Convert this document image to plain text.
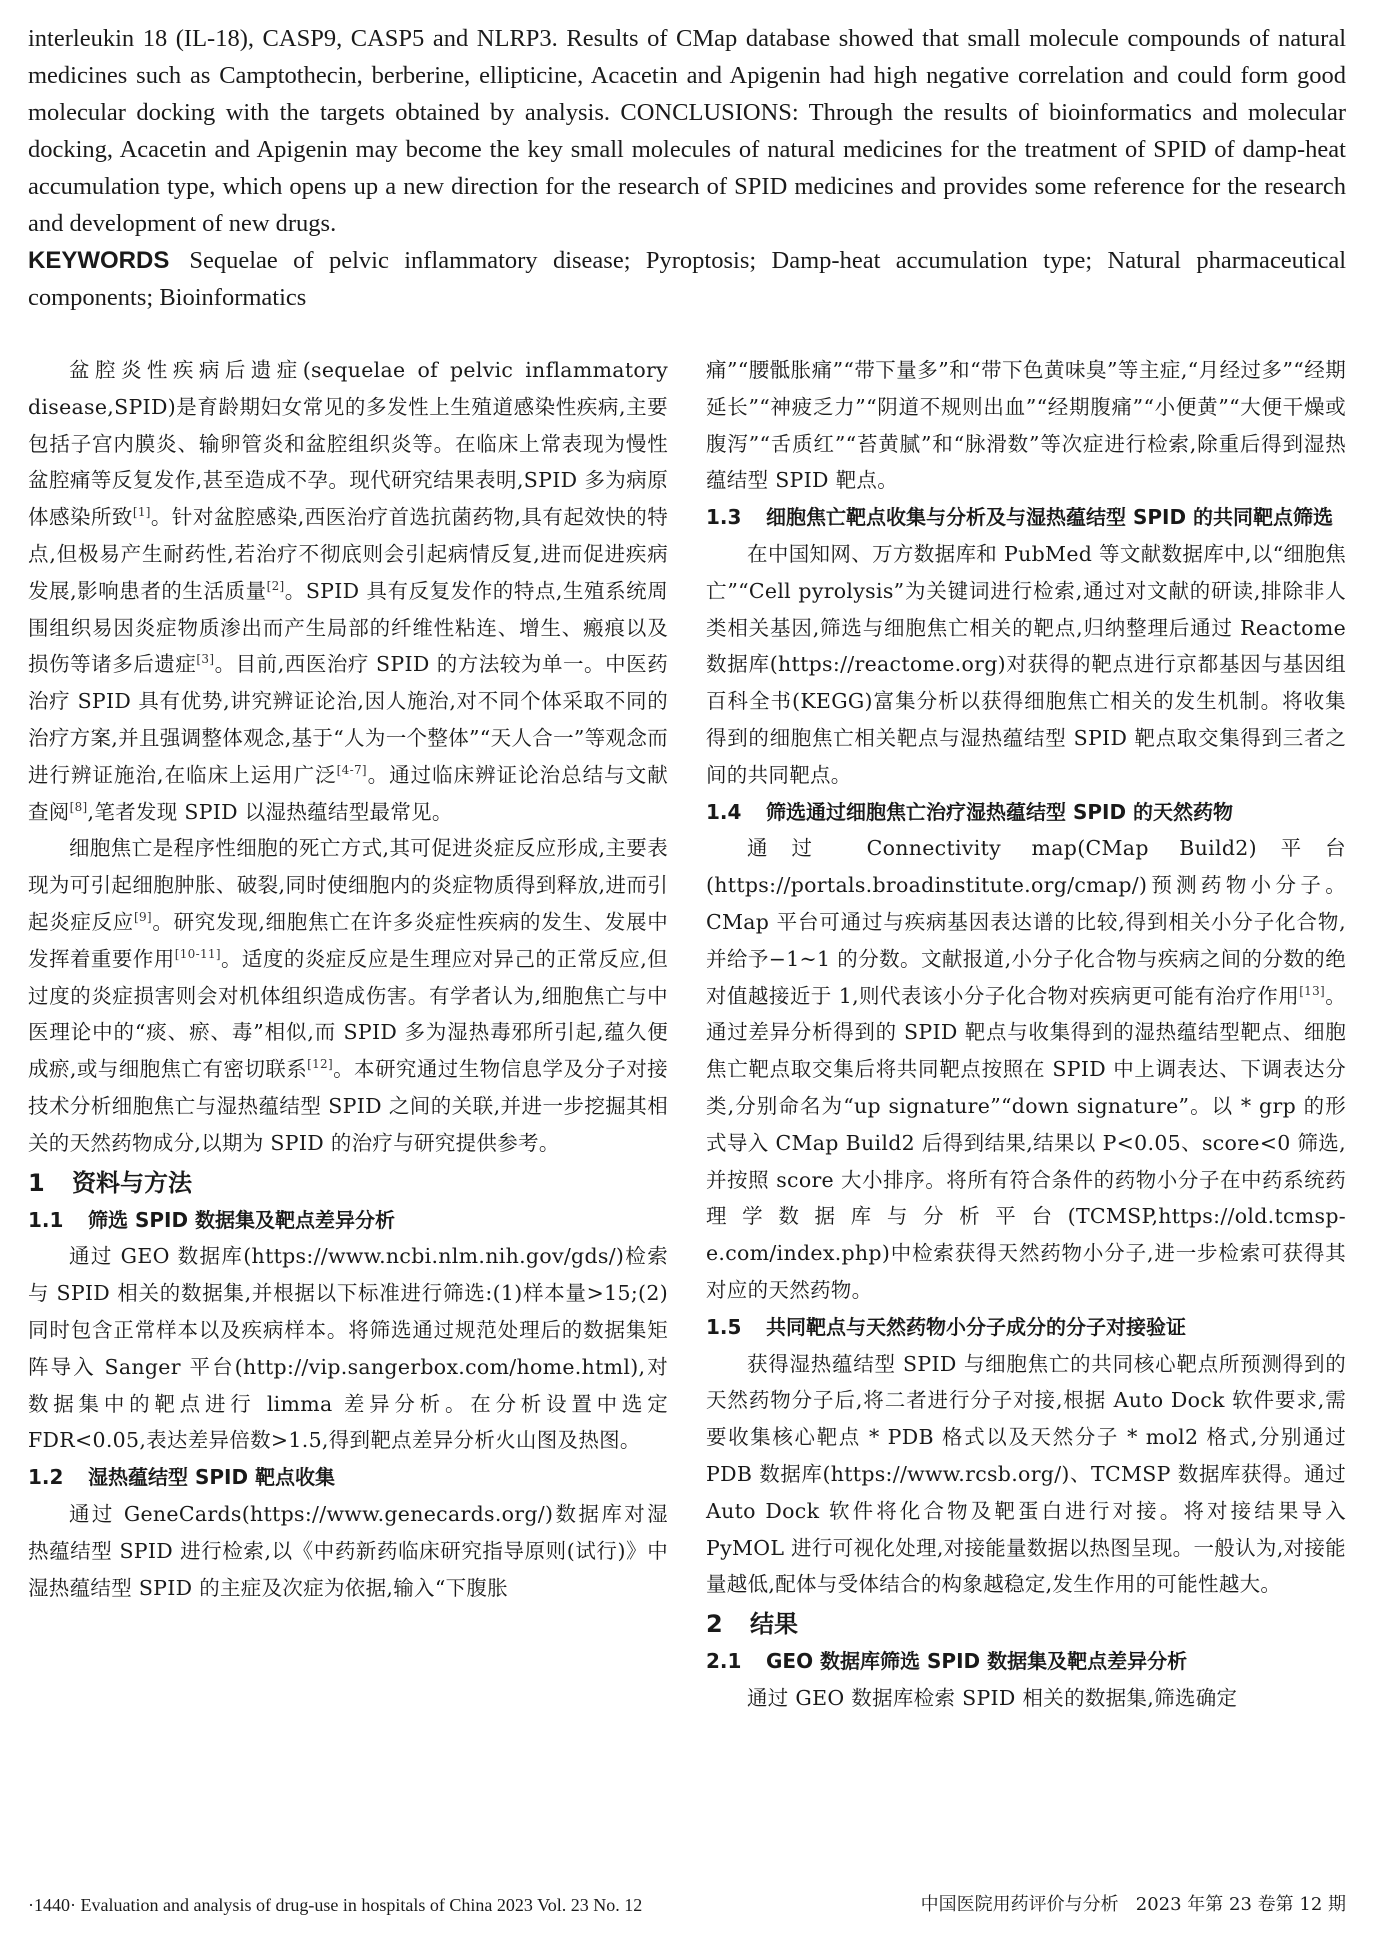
interleukin 18 (IL-18), CASP9, CASP5 and NLRP3. Results of CMap database showed that small molecule compounds of natural medicines such as Camptothecin, berberine, ellipticine, Acacetin and Apigenin had high negative correlation and could form good molecular docking with the targets obtained by analysis. CONCLUSIONS: Through the results of bioinformatics and molecular docking, Acacetin and Apigenin may become the key small molecules of natural medicines for the treatment of SPID of damp-heat accumulation type, which opens up a new direction for the research of SPID medicines and provides some reference for the research and development of new drugs.

KEYWORDS Sequelae of pelvic inflammatory disease; Pyroptosis; Damp-heat accumulation type; Natural pharmaceutical components; Bioinformatics

盆腔炎性疾病后遗症(sequelae of pelvic inflammatory disease,SPID)是育龄期妇女常见的多发性上生殖道感染性疾病,主要包括子宫内膜炎、输卵管炎和盆腔组织炎等。在临床上常表现为慢性盆腔痛等反复发作,甚至造成不孕。现代研究结果表明,SPID 多为病原体感染所致[1]。针对盆腔感染,西医治疗首选抗菌药物,具有起效快的特点,但极易产生耐药性,若治疗不彻底则会引起病情反复,进而促进疾病发展,影响患者的生活质量[2]。SPID 具有反复发作的特点,生殖系统周围组织易因炎症物质渗出而产生局部的纤维性粘连、增生、瘢痕以及损伤等诸多后遗症[3]。目前,西医治疗 SPID 的方法较为单一。中医药治疗 SPID 具有优势,讲究辨证论治,因人施治,对不同个体采取不同的治疗方案,并且强调整体观念,基于“人为一个整体”“天人合一”等观念而进行辨证施治,在临床上运用广泛[4-7]。通过临床辨证论治总结与文献查阅[8],笔者发现 SPID 以湿热蕴结型最常见。

细胞焦亡是程序性细胞的死亡方式,其可促进炎症反应形成,主要表现为可引起细胞肿胀、破裂,同时使细胞内的炎症物质得到释放,进而引起炎症反应[9]。研究发现,细胞焦亡在许多炎症性疾病的发生、发展中发挥着重要作用[10-11]。适度的炎症反应是生理应对异己的正常反应,但过度的炎症损害则会对机体组织造成伤害。有学者认为,细胞焦亡与中医理论中的“痰、瘀、毒”相似,而 SPID 多为湿热毒邪所引起,蕴久便成瘀,或与细胞焦亡有密切联系[12]。本研究通过生物信息学及分子对接技术分析细胞焦亡与湿热蕴结型 SPID 之间的关联,并进一步挖掘其相关的天然药物成分,以期为 SPID 的治疗与研究提供参考。

1 资料与方法
1.1 筛选 SPID 数据集及靶点差异分析

通过 GEO 数据库(https://www.ncbi.nlm.nih.gov/gds/)检索与 SPID 相关的数据集,并根据以下标准进行筛选:(1)样本量>15;(2)同时包含正常样本以及疾病样本。将筛选通过规范处理后的数据集矩阵导入 Sanger 平台(http://vip.sangerbox.com/home.html),对数据集中的靶点进行 limma 差异分析。在分析设置中选定 FDR<0.05,表达差异倍数>1.5,得到靶点差异分析火山图及热图。

1.2 湿热蕴结型 SPID 靶点收集

通过 GeneCards(https://www.genecards.org/)数据库对湿热蕴结型 SPID 进行检索,以《中药新药临床研究指导原则(试行)》中湿热蕴结型 SPID 的主症及次症为依据,输入“下腹胀

痛”“腰骶胀痛”“带下量多”和“带下色黄味臭”等主症,“月经过多”“经期延长”“神疲乏力”“阴道不规则出血”“经期腹痛”“小便黄”“大便干燥或腹泻”“舌质红”“苔黄腻”和“脉滑数”等次症进行检索,除重后得到湿热蕴结型 SPID 靶点。

1.3 细胞焦亡靶点收集与分析及与湿热蕴结型 SPID 的共同靶点筛选

在中国知网、万方数据库和 PubMed 等文献数据库中,以“细胞焦亡”“Cell pyrolysis”为关键词进行检索,通过对文献的研读,排除非人类相关基因,筛选与细胞焦亡相关的靶点,归纳整理后通过 Reactome 数据库(https://reactome.org)对获得的靶点进行京都基因与基因组百科全书(KEGG)富集分析以获得细胞焦亡相关的发生机制。将收集得到的细胞焦亡相关靶点与湿热蕴结型 SPID 靶点取交集得到三者之间的共同靶点。

1.4 筛选通过细胞焦亡治疗湿热蕴结型 SPID 的天然药物

通过 Connectivity map(CMap Build2)平台(https://portals.broadinstitute.org/cmap/)预测药物小分子。CMap 平台可通过与疾病基因表达谱的比较,得到相关小分子化合物,并给予−1~1 的分数。文献报道,小分子化合物与疾病之间的分数的绝对值越接近于 1,则代表该小分子化合物对疾病更可能有治疗作用[13]。通过差异分析得到的 SPID 靶点与收集得到的湿热蕴结型靶点、细胞焦亡靶点取交集后将共同靶点按照在 SPID 中上调表达、下调表达分类,分别命名为“up signature”“down signature”。以 * grp 的形式导入 CMap Build2 后得到结果,结果以 P<0.05、score<0 筛选,并按照 score 大小排序。将所有符合条件的药物小分子在中药系统药理学数据库与分析平台(TCMSP,https://old.tcmsp-e.com/index.php)中检索获得天然药物小分子,进一步检索可获得其对应的天然药物。

1.5 共同靶点与天然药物小分子成分的分子对接验证

获得湿热蕴结型 SPID 与细胞焦亡的共同核心靶点所预测得到的天然药物分子后,将二者进行分子对接,根据 Auto Dock 软件要求,需要收集核心靶点 * PDB 格式以及天然分子 * mol2 格式,分别通过 PDB 数据库(https://www.rcsb.org/)、TCMSP 数据库获得。通过 Auto Dock 软件将化合物及靶蛋白进行对接。将对接结果导入 PyMOL 进行可视化处理,对接能量数据以热图呈现。一般认为,对接能量越低,配体与受体结合的构象越稳定,发生作用的可能性越大。

2 结果
2.1 GEO 数据库筛选 SPID 数据集及靶点差异分析

通过 GEO 数据库检索 SPID 相关的数据集,筛选确定

·1440· Evaluation and analysis of drug-use in hospitals of China 2023 Vol. 23 No. 12	中国医院用药评价与分析   2023 年第 23 卷第 12 期
